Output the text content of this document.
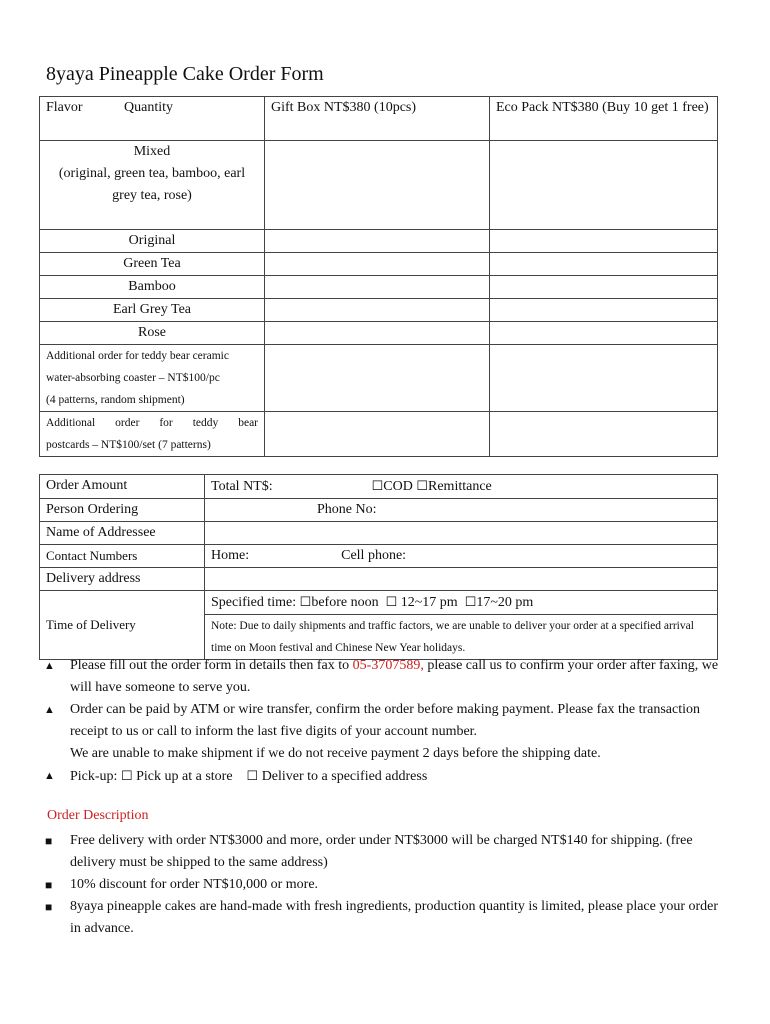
8yaya Pineapple Cake Order Form
Flavor Quantity	Gift Box NT$380 (10pcs)	Eco Pack NT$380 (Buy 10 get 1 free)

Mixed
(original, green tea, bamboo, earl grey tea, rose)		

Original		
Green Tea		
Bamboo		
Earl Grey Tea		
Rose		

Additional order for teddy bear ceramic
water-absorbing coaster – NT$100/pc
(4 patterns, random shipment)		

Additional order for teddy bear
postcards – NT$100/set (7 patterns)		

Order Amount	Total NT$: ☐COD ☐Remittance
Person Ordering	Phone No:
Name of Addressee	
Contact Numbers	Home: Cell phone:
Delivery address	
Time of Delivery	Specified time: ☐before noon ☐ 12~17 pm ☐17~20 pm
	Note: Due to daily shipments and traffic factors, we are unable to deliver your order at a specified arrival time on Moon festival and Chinese New Year holidays.
▲ Please fill out the order form in details then fax to 05-3707589, please call us to confirm your order after faxing, we will have someone to serve you.
▲ Order can be paid by ATM or wire transfer, confirm the order before making payment. Please fax the transaction receipt to us or call to inform the last five digits of your account number.
We are unable to make shipment if we do not receive payment 2 days before the shipping date.
▲ Pick-up: ☐ Pick up at a store ☐ Deliver to a specified address
Order Description
■ Free delivery with order NT$3000 and more, order under NT$3000 will be charged NT$140 for shipping. (free delivery must be shipped to the same address)
■ 10% discount for order NT$10,000 or more.
■ 8yaya pineapple cakes are hand-made with fresh ingredients, production quantity is limited, please place your order in advance.
